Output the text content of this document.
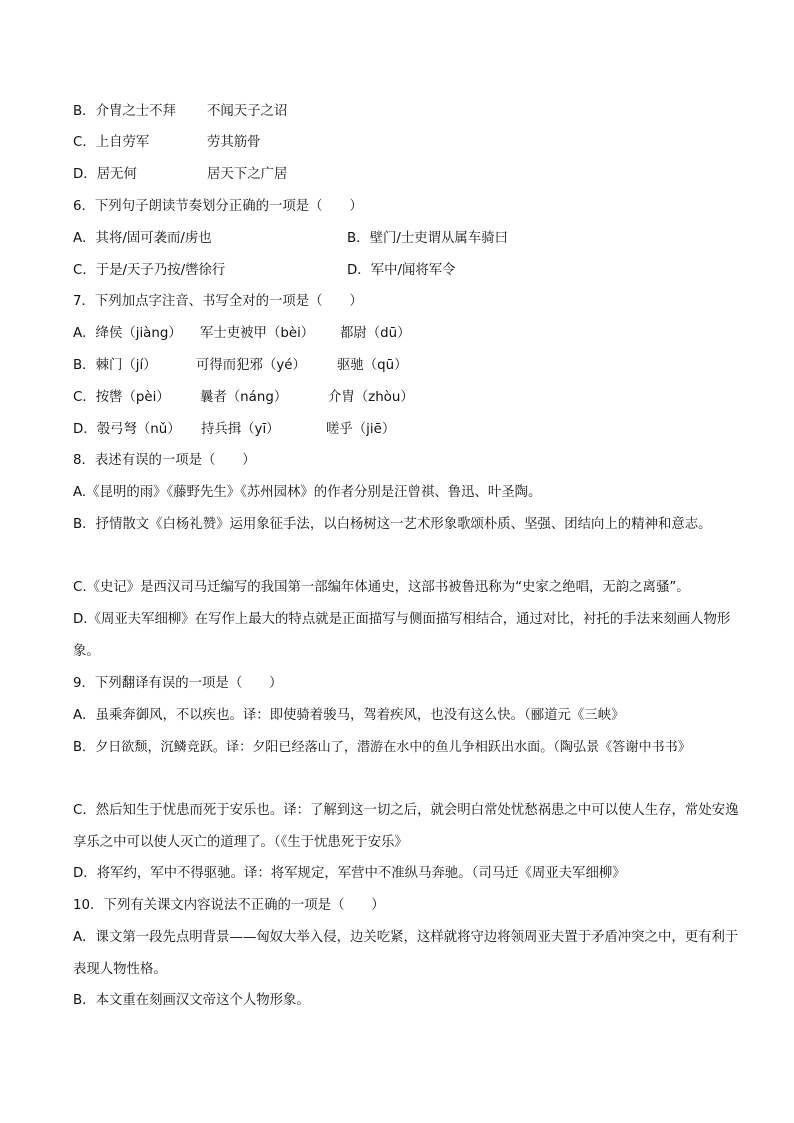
B．介胄之士不拜 不闻天子之诏
C．上自劳军	劳其筋骨
D．居无何	居天下之广居
6．下列句子朗读节奏划分正确的一项是（　　）
A．其将/固可袭而/虏也	B．壁门/士吏谓从属车骑曰
C．于是/天子乃按/辔徐行	D．军中/闻将军令
7．下列加点字注音、书写全对的一项是（　　）
A．绛侯（jiàng） 军士吏被甲（bèi） 都尉（dū）
B．棘门（jí）	可得而犯邪（yé） 驱驰（qū）
C．按辔（pèi） 曩者（náng）	介胄（zhòu）
D．彀弓弩（nǔ） 持兵揖（yī）	嗟乎（jiē）
8．表述有误的一项是（　　）
A.《昆明的雨》《藤野先生》《苏州园林》的作者分别是汪曾祺、鲁迅、叶圣陶。
B．抒情散文《白杨礼赞》运用象征手法，以白杨树这一艺术形象歌颂朴质、坚强、团结向上的精神和意志。
C.《史记》是西汉司马迁编写的我国第一部编年体通史，这部书被鲁迅称为“史家之绝唱，无韵之离骚”。
D.《周亚夫军细柳》在写作上最大的特点就是正面描写与侧面描写相结合，通过对比，衬托的手法来刻画人物形象。
9．下列翻译有误的一项是（　　）
A．虽乘奔御风，不以疾也。译：即使骑着骏马，驾着疾风，也没有这么快。（郦道元《三峡》
B．夕日欲颓，沉鳞竞跃。译：夕阳已经落山了，潜游在水中的鱼儿争相跃出水面。（陶弘景《答谢中书书》
C．然后知生于忧患而死于安乐也。译：了解到这一切之后，就会明白常处忧愁祸患之中可以使人生存，常处安逸享乐之中可以使人灭亡的道理了。（《生于忧患死于安乐》
D．将军约，军中不得驱驰。译：将军规定，军营中不准纵马奔驰。（司马迁《周亚夫军细柳》
10．下列有关课文内容说法不正确的一项是（　　）
A．课文第一段先点明背景——匈奴大举入侵，边关吃紧，这样就将守边将领周亚夫置于矛盾冲突之中，更有利于表现人物性格。
B．本文重在刻画汉文帝这个人物形象。
